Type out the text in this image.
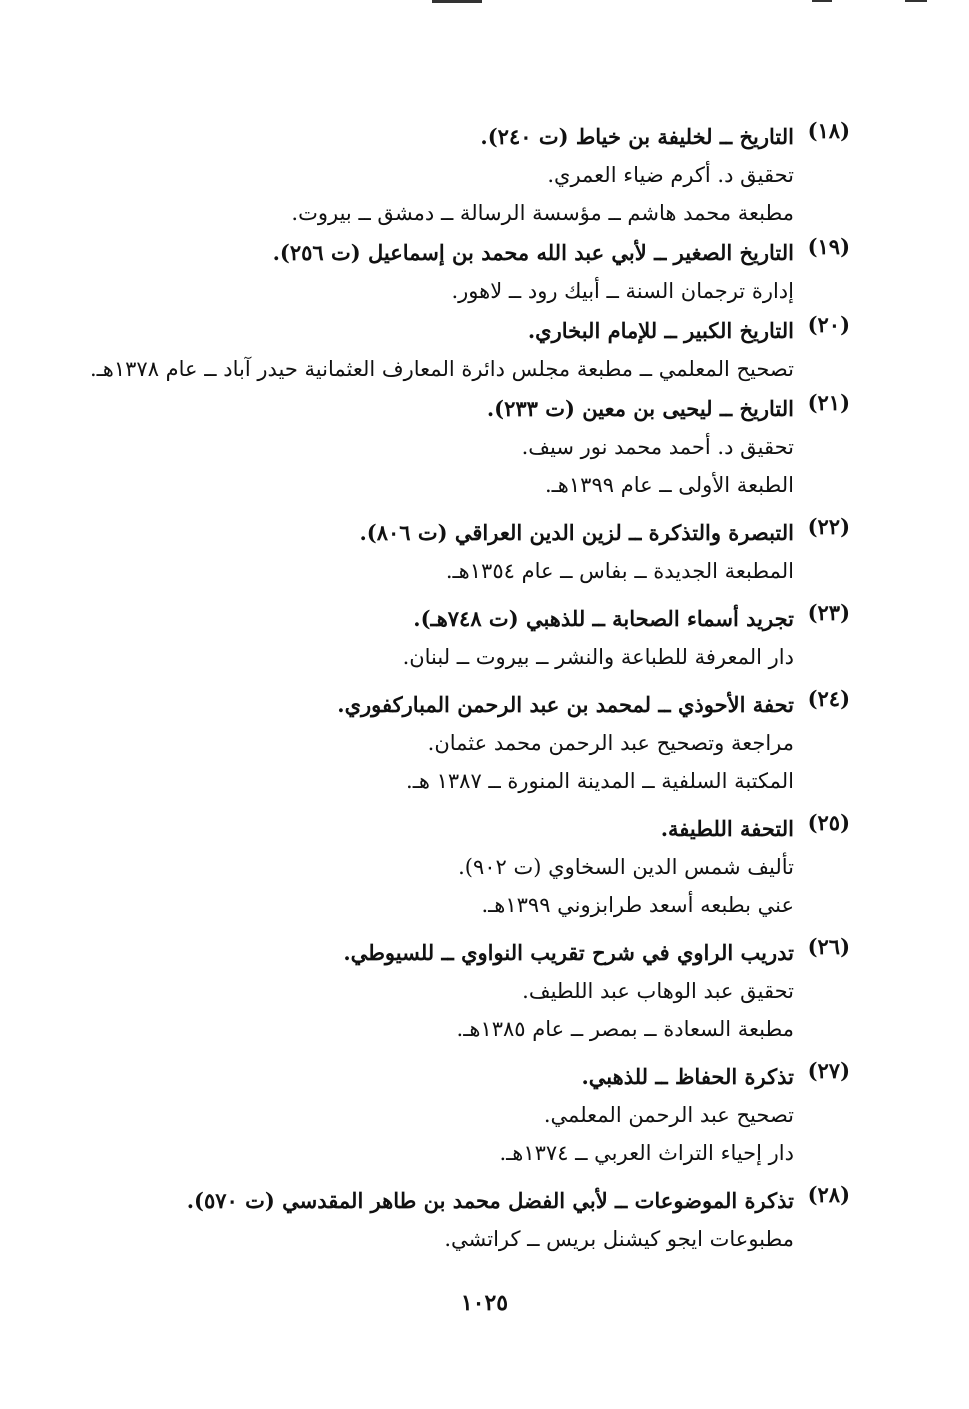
(١٨)
التاريخ ــ لخليفة بن خياط (ت ٢٤٠).
تحقيق د. أكرم ضياء العمري.
مطبعة محمد هاشم ــ مؤسسة الرسالة ــ دمشق ــ بيروت.
(١٩)
التاريخ الصغير ــ لأبي عبد الله محمد بن إسماعيل (ت ٢٥٦).
إدارة ترجمان السنة ــ أبيك رود ــ لاهور.
(٢٠)
التاريخ الكبير ــ للإمام البخاري.
تصحيح المعلمي ــ مطبعة مجلس دائرة المعارف العثمانية حيدر آباد ــ عام ١٣٧٨هـ.
(٢١)
التاريخ ــ ليحيى بن معين (ت ٢٣٣).
تحقيق د. أحمد محمد نور سيف.
الطبعة الأولى ــ عام ١٣٩٩هـ.
(٢٢)
التبصرة والتذكرة ــ لزين الدين العراقي (ت ٨٠٦).
المطبعة الجديدة ــ بفاس ــ عام ١٣٥٤هـ.
(٢٣)
تجريد أسماء الصحابة ــ للذهبي (ت ٧٤٨هـ).
دار المعرفة للطباعة والنشر ــ بيروت ــ لبنان.
(٢٤)
تحفة الأحوذي ــ لمحمد بن عبد الرحمن المباركفوري.
مراجعة وتصحيح عبد الرحمن محمد عثمان.
المكتبة السلفية ــ المدينة المنورة ــ ١٣٨٧ هـ.
(٢٥)
التحفة اللطيفة.
تأليف شمس الدين السخاوي (ت ٩٠٢).
عني بطبعه أسعد طرابزوني ١٣٩٩هـ.
(٢٦)
تدريب الراوي في شرح تقريب النواوي ــ للسيوطي.
تحقيق عبد الوهاب عبد اللطيف.
مطبعة السعادة ــ بمصر ــ عام ١٣٨٥هـ.
(٢٧)
تذكرة الحفاظ ــ للذهبي.
تصحيح عبد الرحمن المعلمي.
دار إحياء التراث العربي ــ ١٣٧٤هـ.
(٢٨)
تذكرة الموضوعات ــ لأبي الفضل محمد بن طاهر المقدسي (ت ٥٧٠).
مطبوعات ايجو كيشنل بريس ــ كراتشي.
١٠٢٥
